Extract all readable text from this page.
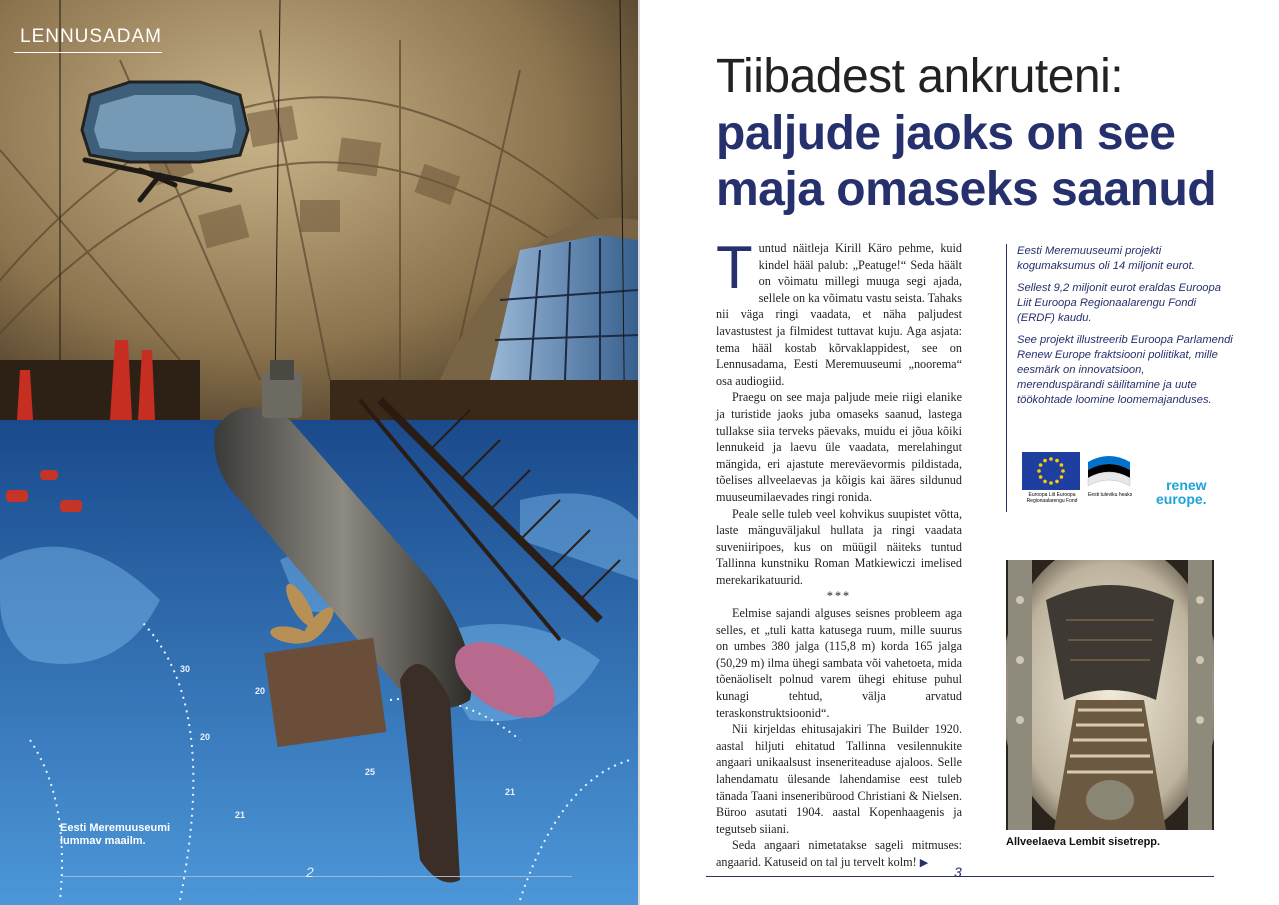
30
20
21
25
20
21
LENNUSADAM
Eesti Meremuuseumi lummav maailm.
2
Tiibadest ankruteni:
paljude jaoks on see maja omaseks saanud

Tuntud näitleja Kirill Käro pehme, kuid kindel hääl palub: „Peatuge!“ Seda häält on võimatu millegi muuga segi ajada, sellele on ka võimatu vastu seista. Tahaks nii väga ringi vaadata, et näha paljudest lavastustest ja filmidest tuttavat kuju. Aga asjata: tema hääl kostab kõrvaklappidest, see on Lennusadama, Eesti Meremuuseumi „noorema“ osa audiogiid.

Praegu on see maja paljude meie riigi elanike ja turistide jaoks juba omaseks saanud, lastega tullakse siia terveks päevaks, muidu ei jõua kõiki lennukeid ja laevu üle vaadata, merelahingut mängida, eri ajastute mereväevormis pildistada, tõelises allveelaevas ja kõigis kai ääres sildunud muuseumilaevades ringi ronida.

Peale selle tuleb veel kohvikus suupistet võtta, laste mänguväljakul hullata ja ringi vaadata suveniiripoes, kus on müügil näiteks tuntud Tallinna kunstniku Roman Matkiewiczi imelised merekarikatuurid.

***

Eelmise sajandi alguses seisnes probleem aga selles, et „tuli katta katusega ruum, mille suurus on umbes 380 jalga (115,8 m) korda 165 jalga (50,29 m) ilma ühegi sambata või vahetoeta, mida tõenäoliselt polnud varem ühegi ehituse puhul kunagi tehtud, välja arvatud teraskonstruktsioonid“.

Nii kirjeldas ehitusajakiri The Builder 1920. aastal hiljuti ehitatud Tallinna vesilennukite angaari unikaalsust inseneriteaduse ajaloos. Selle lahendamatu ülesande lahendamise eest tuleb tänada Taani inseneribürood Christiani & Nielsen. Büroo asutati 1904. aastal Kopenhaagenis ja tegutseb siiani.

Seda angaari nimetatakse sageli mitmuses: angaarid. Katuseid on tal ju tervelt kolm! ▶

Eesti Meremuuseumi projekti kogumaksumus oli 14 miljonit eurot.

Sellest 9,2 miljonit eurot eraldas Euroopa Liit Euroopa Regionaalarengu Fondi (ERDF) kaudu.

See projekt illustreerib Euroopa Parlamendi Renew Europe fraktsiooni poliitikat, mille eesmärk on innovatsioon, merenduspärandi säilitamine ja uute töökohtade loomine loomemajanduses.

Euroopa Liit Euroopa Regionaalarengu Fond
Eesti tuleviku heaks
renew
europe.
Allveelaeva Lembit sisetrepp.
3
